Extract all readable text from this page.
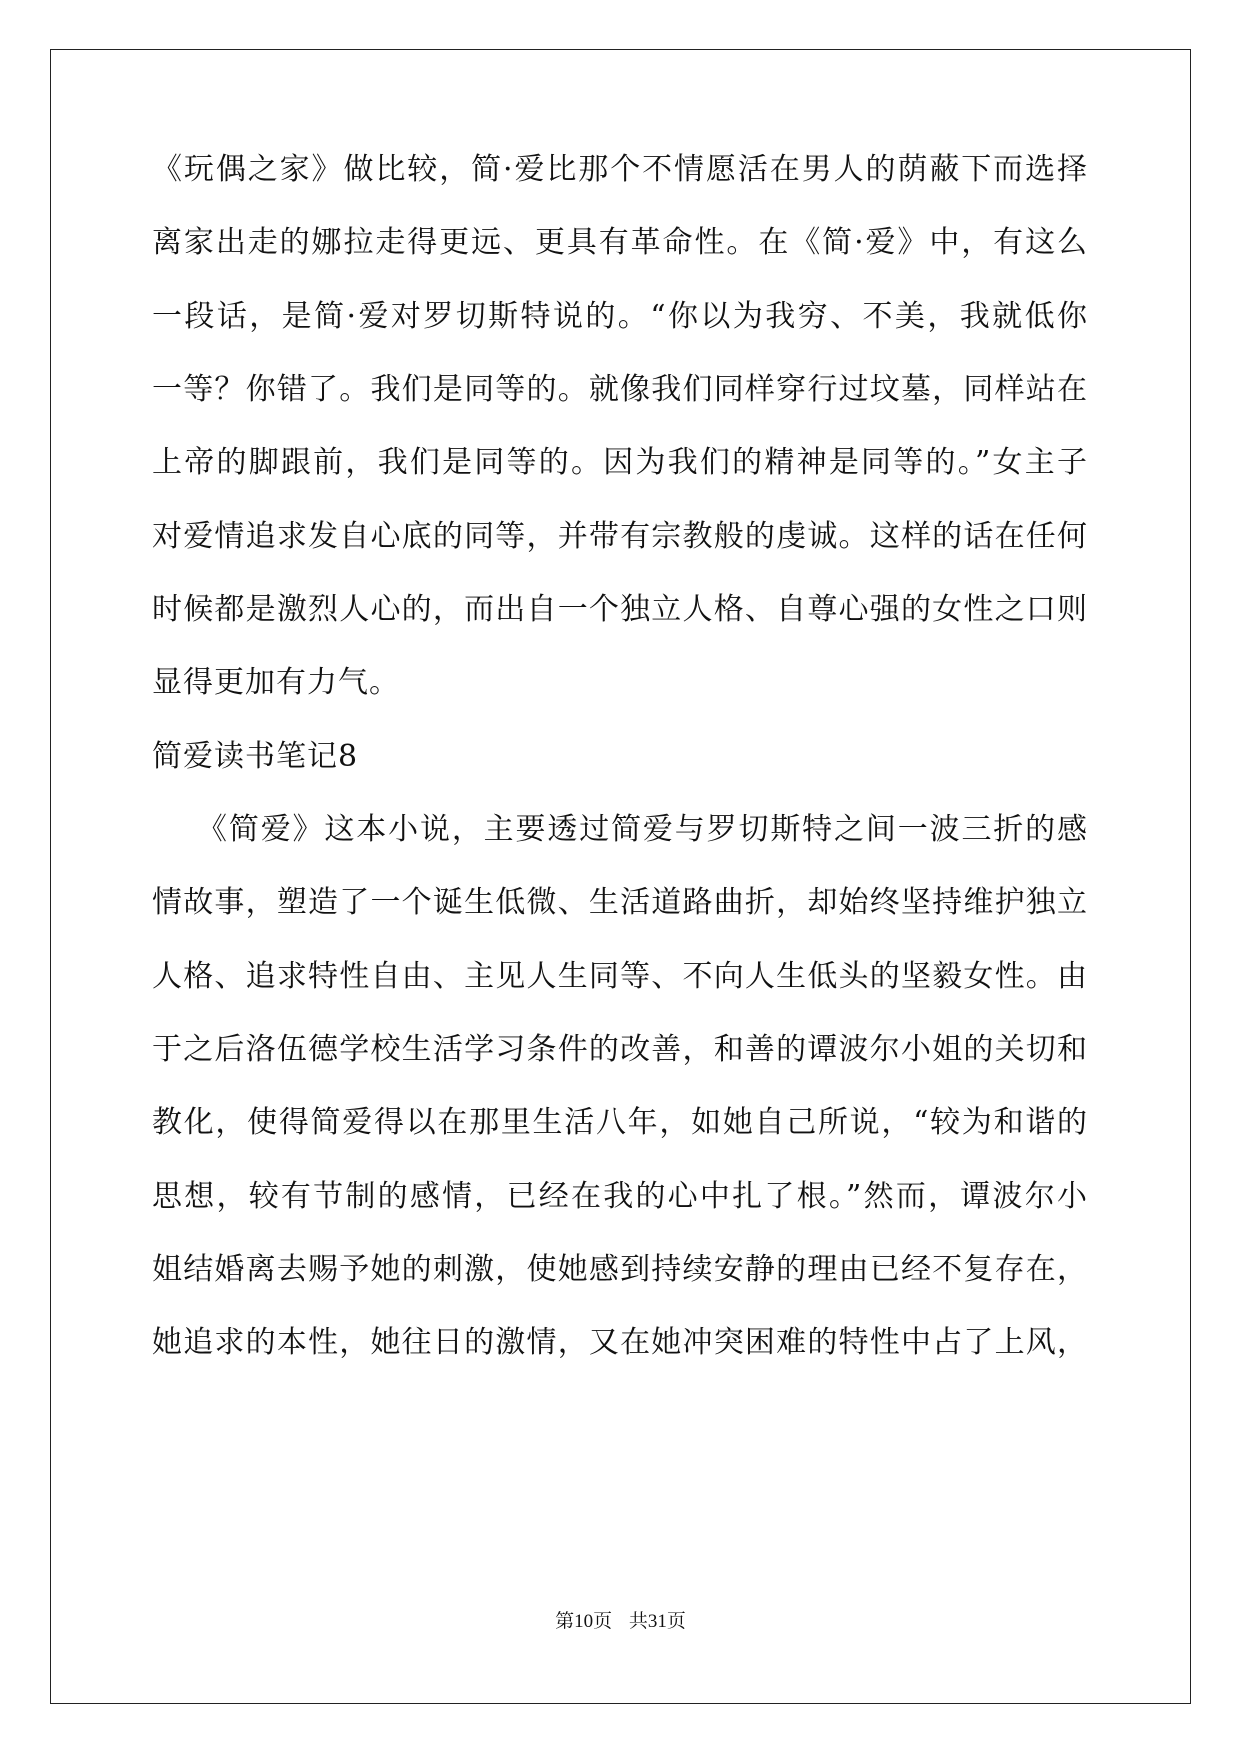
《玩偶之家》做比较，简·爱比那个不情愿活在男人的荫蔽下而选择
离家出走的娜拉走得更远、更具有革命性。在《简·爱》中，有这么
一段话，是简·爱对罗切斯特说的。“你以为我穷、不美，我就低你
一等？你错了。我们是同等的。就像我们同样穿行过坟墓，同样站在
上帝的脚跟前，我们是同等的。因为我们的精神是同等的。”女主子
对爱情追求发自心底的同等，并带有宗教般的虔诚。这样的话在任何
时候都是激烈人心的，而出自一个独立人格、自尊心强的女性之口则
显得更加有力气。
简爱读书笔记8
《简爱》这本小说，主要透过简爱与罗切斯特之间一波三折的感
情故事，塑造了一个诞生低微、生活道路曲折，却始终坚持维护独立
人格、追求特性自由、主见人生同等、不向人生低头的坚毅女性。由
于之后洛伍德学校生活学习条件的改善，和善的谭波尔小姐的关切和
教化，使得简爱得以在那里生活八年，如她自己所说，“较为和谐的
思想，较有节制的感情，已经在我的心中扎了根。”然而，谭波尔小
姐结婚离去赐予她的刺激，使她感到持续安静的理由已经不复存在，
她追求的本性，她往日的激情，又在她冲突困难的特性中占了上风，
第10页 共31页
